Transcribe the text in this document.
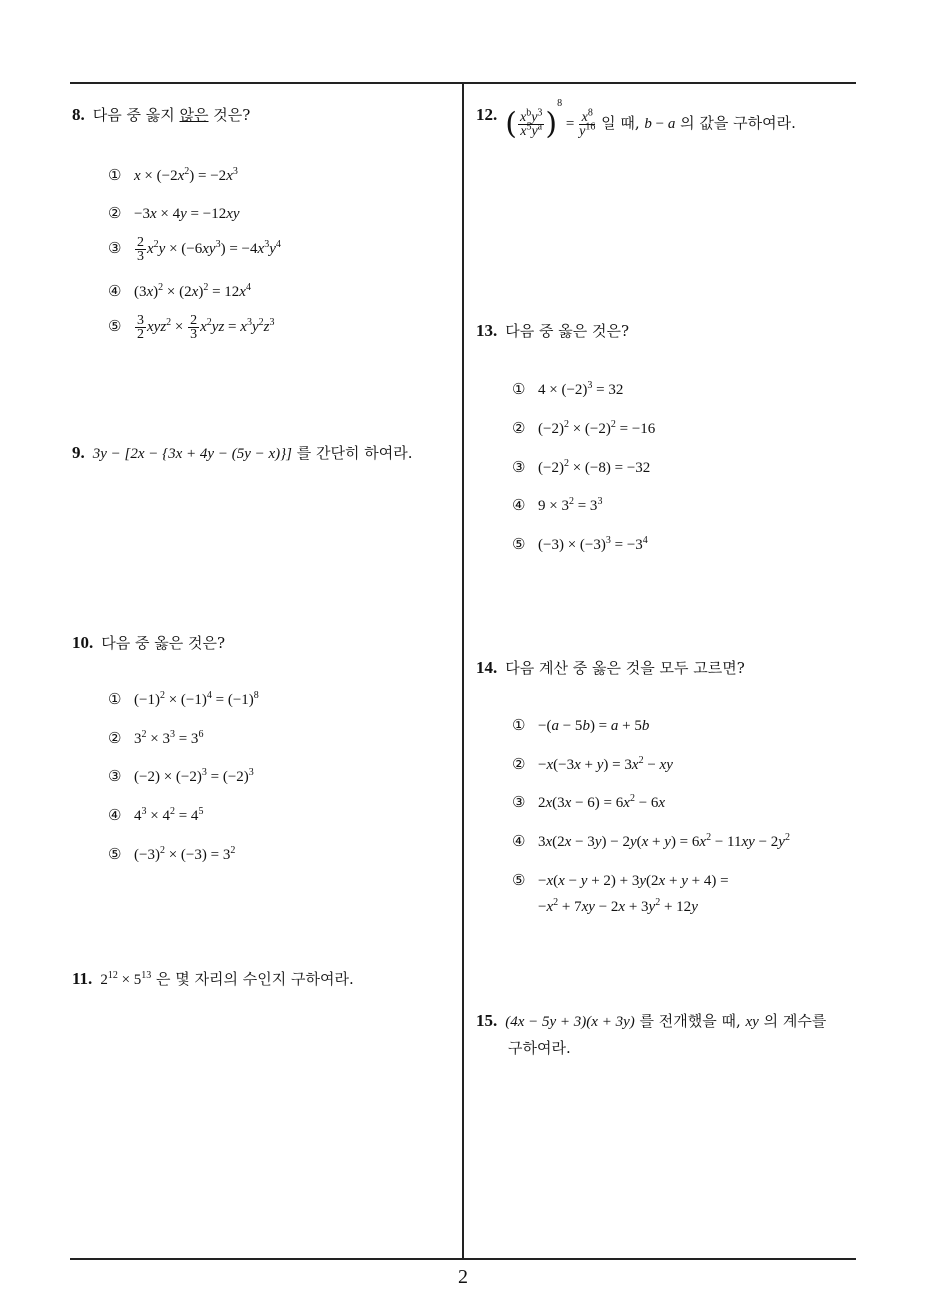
8. 다음 중 옳지 않은 것은?
① $x \times (-2x^2) = -2x^3$
② −3x × 4y = −12xy
③ $\frac{2}{3} x^2y \times (-6xy^3) = -4x^3y^4$
④ $(3x)^2 \times (2x)^2 = 12x^4$
⑤ $\frac{3}{2} xyz^2 \times \frac{2}{3} x^2yz = x^3y^2z^3$
9. 3y − [2x − {3x + 4y − (5y − x)}] 를 간단히 하여라.
10. 다음 중 옳은 것은?
① $(-1)^2 \times (-1)^4 = (-1)^8$
② $3^2 \times 3^3 = 3^6$
③ $(-2) \times (-2)^3 = (-2)^3$
④ $4^3 \times 4^2 = 4^5$
⑤ $(-3)^2 \times (-3) = 3^2$
11. $2^{12} \times 5^{13}$ 은 몇 자리의 수인지 구하여라.
12. ( $\frac{x^by^3}{x^5y^a} )^8 = \frac{x^8}{y^{16}}$ 일 때, b − a 의 값을 구하여라.
13. 다음 중 옳은 것은?
① $4 \times (-2)^3 = 32$
② $(-2)^2 \times (-2)^2 = -16$
③ $(-2)^2 \times (-8) = -32$
④ $9 \times 3^2 = 3^3$
⑤ $(-3) \times (-3)^3 = -3^4$
14. 다음 계산 중 옳은 것을 모두 고르면?
① −(a − 5b) = a + 5b
② $-x(-3x + y) = 3x^2$ − xy
③ $2x(3x - 6) = 6x^2 - 6x$
④ $3x(2x - 3y) - 2y(x + y) = 6x^2 - 11xy - 2y^2$
⑤ −x(x − y + 2) + 3y(2x + y + 4) =
$-x^2 + 7xy - 2x + 3y^2 + 12y$
15. (4x − 5y + 3)(x + 3y) 를 전개했을 때, xy 의 계수를
구하여라.
2
